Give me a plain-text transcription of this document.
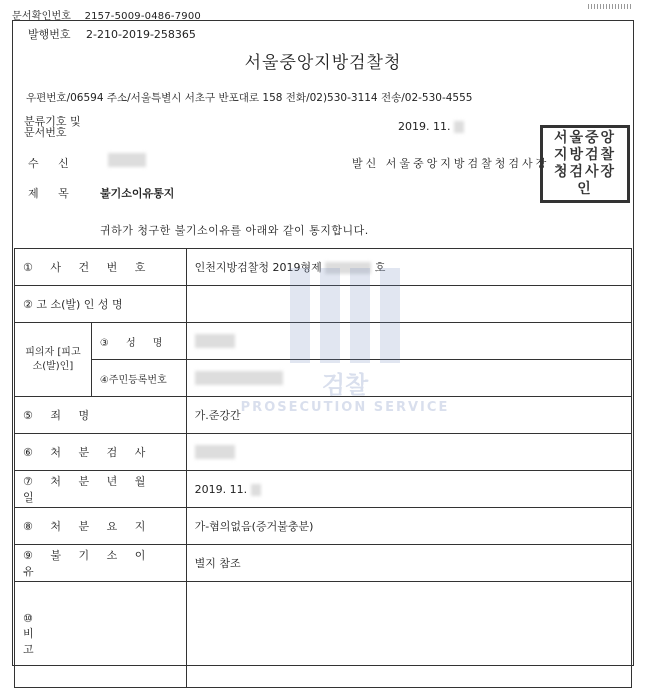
문서확인번호 2157-5009-0486-7900
발행번호 2-210-2019-258365
서울중앙지방검찰청
우편번호/06594 주소/서울특별시 서초구 반포대로 158 전화/02)530-3114 전송/02-530-4555
분류기호 및
문서번호	2019. 11.
수 신	발신 서울중앙지방검찰청검사장
서울중앙지방검찰청검사장인
제 목 불기소이유통지
귀하가 청구한 불기소이유를 아래와 같이 통지합니다.
① 사 건 번 호		인천지방검찰청 2019형제 호
② 고 소(발) 인 성 명		
피의자 [피고소(발)인]	③ 성 명	
	④주민등록번호	
⑤ 죄 명		가.준강간
⑥ 처 분 검 사		
⑦ 처 분 년 월 일		2019. 11.
⑧ 처 분 요 지		가-혐의없음(증거불충분)
⑨ 불 기 소 이 유		별지 참조

⑩ 비 고		

검찰
PROSECUTION SERVICE
